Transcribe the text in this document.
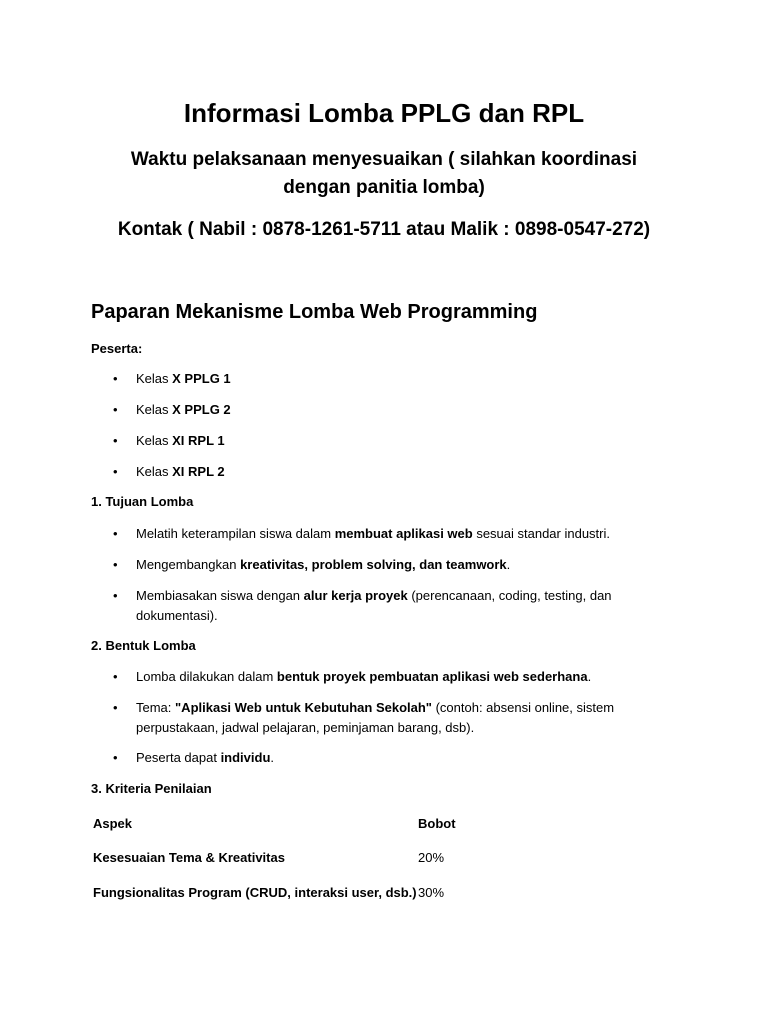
Informasi Lomba PPLG dan RPL
Waktu pelaksanaan menyesuaikan ( silahkan koordinasi
dengan panitia lomba)
Kontak ( Nabil : 0878-1261-5711 atau Malik : 0898-0547-272)
Paparan Mekanisme Lomba Web Programming
Peserta:
• Kelas X PPLG 1
• Kelas X PPLG 2
• Kelas XI RPL 1
• Kelas XI RPL 2
1. Tujuan Lomba
• Melatih keterampilan siswa dalam membuat aplikasi web sesuai standar industri.
• Mengembangkan kreativitas, problem solving, dan teamwork.
• Membiasakan siswa dengan alur kerja proyek (perencanaan, coding, testing, dan
dokumentasi).
2. Bentuk Lomba
• Lomba dilakukan dalam bentuk proyek pembuatan aplikasi web sederhana.
• Tema: "Aplikasi Web untuk Kebutuhan Sekolah" (contoh: absensi online, sistem
perpustakaan, jadwal pelajaran, peminjaman barang, dsb).
• Peserta dapat individu.
3. Kriteria Penilaian
Aspek	Bobot
Kesesuaian Tema & Kreativitas	20%
Fungsionalitas Program (CRUD, interaksi user, dsb.) 30%
